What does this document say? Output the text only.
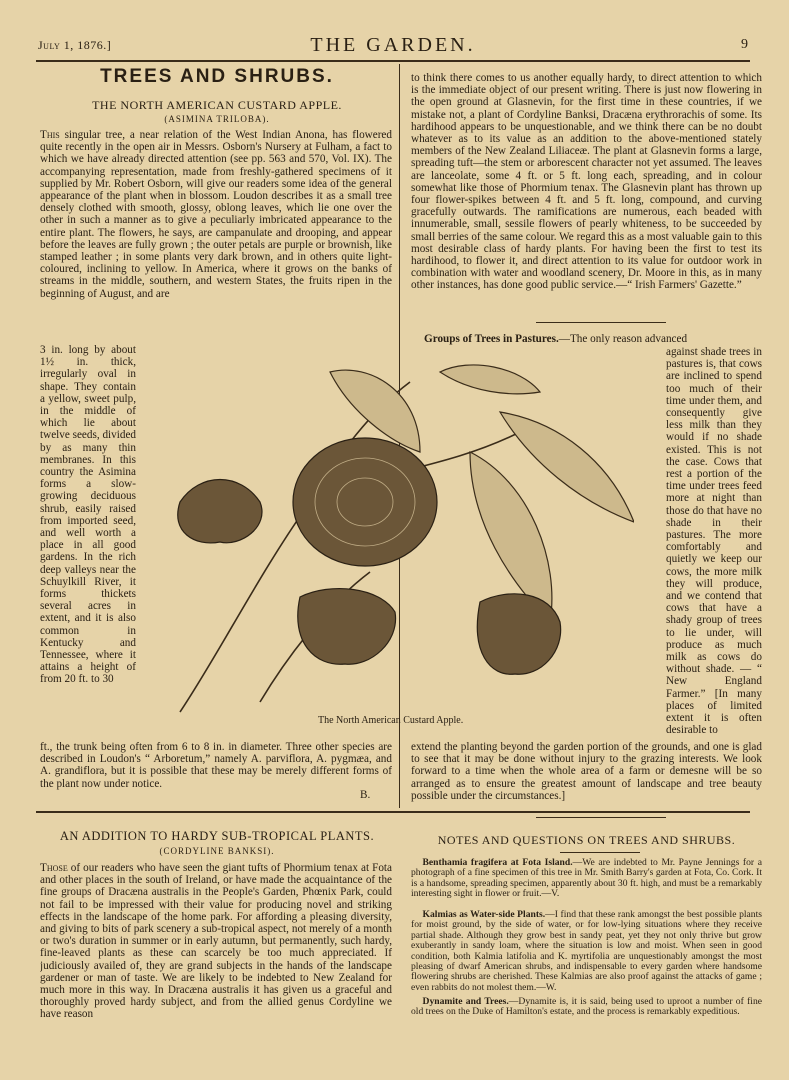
July 1, 1876.]	THE GARDEN.	9
TREES AND SHRUBS.
THE NORTH AMERICAN CUSTARD APPLE.
(ASIMINA TRILOBA).

This singular tree, a near relation of the West Indian Anona, has flowered quite recently in the open air in Messrs. Osborn's Nursery at Fulham, a fact to which we have already directed attention (see pp. 563 and 570, Vol. IX). The accompanying representation, made from freshly-gathered specimens of it supplied by Mr. Robert Osborn, will give our readers some idea of the general appearance of the plant when in blossom. Loudon describes it as a small tree densely clothed with smooth, glossy, oblong leaves, which lie one over the other in such a manner as to give a peculiarly imbricated appearance to the entire plant. The flowers, he says, are campanulate and drooping, and appear before the leaves are fully grown ; the outer petals are purple or brownish, like stamped leather ; in some plants very dark brown, and in others quite light-coloured, inclining to yellow. In America, where it grows on the banks of streams in the middle, southern, and western States, the fruits ripen in the beginning of August, and are

3 in. long by about 1½ in. thick, irregularly oval in shape. They contain a yellow, sweet pulp, in the middle of which lie about twelve seeds, divided by as many thin membranes. In this country the Asimina forms a slow-growing deciduous shrub, easily raised from imported seed, and well worth a place in all good gardens. In the rich deep valleys near the Schuylkill River, it forms thickets several acres in extent, and it is also common in Kentucky and Tennessee, where it attains a height of from 20 ft. to 30
The North American Custard Apple.

ft., the trunk being often from 6 to 8 in. in diameter. Three other species are described in Loudon's “ Arboretum,” namely A. parviflora, A. pygmæa, and A. grandiflora, but it is possible that these may be merely different forms of the plant now under notice.

B.

to think there comes to us another equally hardy, to direct attention to which is the immediate object of our present writing. There is just now flowering in the open ground at Glasnevin, for the first time in these countries, if we mistake not, a plant of Cordyline Banksi, Dracæna erythrorachis of some. Its hardihood appears to be unquestionable, and we think there can be no doubt whatever as to its value as an addition to the above-mentioned stately members of the New Zealand Liliaceæ. The plant at Glasnevin forms a large, spreading tuft—the stem or arborescent character not yet assumed. The leaves are lanceolate, some 4 ft. or 5 ft. long each, spreading, and in colour somewhat like those of Phormium tenax. The Glasnevin plant has thrown up four flower-spikes between 4 ft. and 5 ft. long, compound, and curving gracefully outwards. The ramifications are numerous, each beaded with innumerable, small, sessile flowers of pearly whiteness, to be succeeded by small berries of the same colour. We regard this as a most valuable gain to this most desirable class of hardy plants. For having been the first to test its hardihood, to flower it, and direct attention to its value for outdoor work in combination with water and woodland scenery, Dr. Moore in this, as in many other instances, has done good public service.—“ Irish Farmers' Gazette.”

Groups of Trees in Pastures.—The only reason advanced

against shade trees in pastures is, that cows are inclined to spend too much of their time under them, and consequently give less milk than they would if no shade existed. This is not the case. Cows that rest a portion of the time under trees feed more at night than those do that have no shade in their pastures. The more comfortably and quietly we keep our cows, the more milk they will produce, and we contend that cows that have a shady group of trees to lie under, will produce as much milk as cows do without shade. — “ New England Farmer.” [In many places of limited extent it is often desirable to

extend the planting beyond the garden portion of the grounds, and one is glad to see that it may be done without injury to the grazing interests. We look forward to a time when the whole area of a farm or demesne will be so arranged as to ensure the greatest amount of landscape and tree beauty possible under the circumstances.]

AN ADDITION TO HARDY SUB-TROPICAL PLANTS.
(CORDYLINE BANKSI).

Those of our readers who have seen the giant tufts of Phormium tenax at Fota and other places in the south of Ireland, or have made the acquaintance of the fine groups of Dracæna australis in the People's Garden, Phœnix Park, could not fail to be impressed with their value for producing novel and striking effects in the landscape of the home park. For affording a pleasing diversity, and giving to bits of park scenery a sub-tropical aspect, not merely of a month or two's duration in summer or in early autumn, but permanently, such hardy, fine-leaved plants as these can scarcely be too much appreciated. If judiciously availed of, they are grand subjects in the hands of the landscape gardener or man of taste. We are likely to be indebted to New Zealand for much more in this way. In Dracæna australis it has given us a graceful and thoroughly proved hardy subject, and from the allied genus Cordyline we have reason

NOTES AND QUESTIONS ON TREES AND SHRUBS.

Benthamia fragifera at Fota Island.—We are indebted to Mr. Payne Jennings for a photograph of a fine specimen of this tree in Mr. Smith Barry's garden at Fota, Co. Cork. It is a handsome, spreading specimen, apparently about 30 ft. high, and must be a remarkably interesting sight in flower or fruit.—V.

Kalmias as Water-side Plants.—I find that these rank amongst the best possible plants for moist ground, by the side of water, or for low-lying situations where they receive partial shade. Although they grow best in sandy peat, yet they not only thrive but grow exuberantly in sandy loam, where the situation is low and moist. When seen in good condition, both Kalmia latifolia and K. myrtifolia are unquestionably amongst the most pleasing of dwarf American shrubs, and indispensable to every garden where handsome flowering shrubs are cherished. These Kalmias are also proof against the attacks of game ; even rabbits do not molest them.—W.

Dynamite and Trees.—Dynamite is, it is said, being used to uproot a number of fine old trees on the Duke of Hamilton's estate, and the process is remarkably expeditious.
